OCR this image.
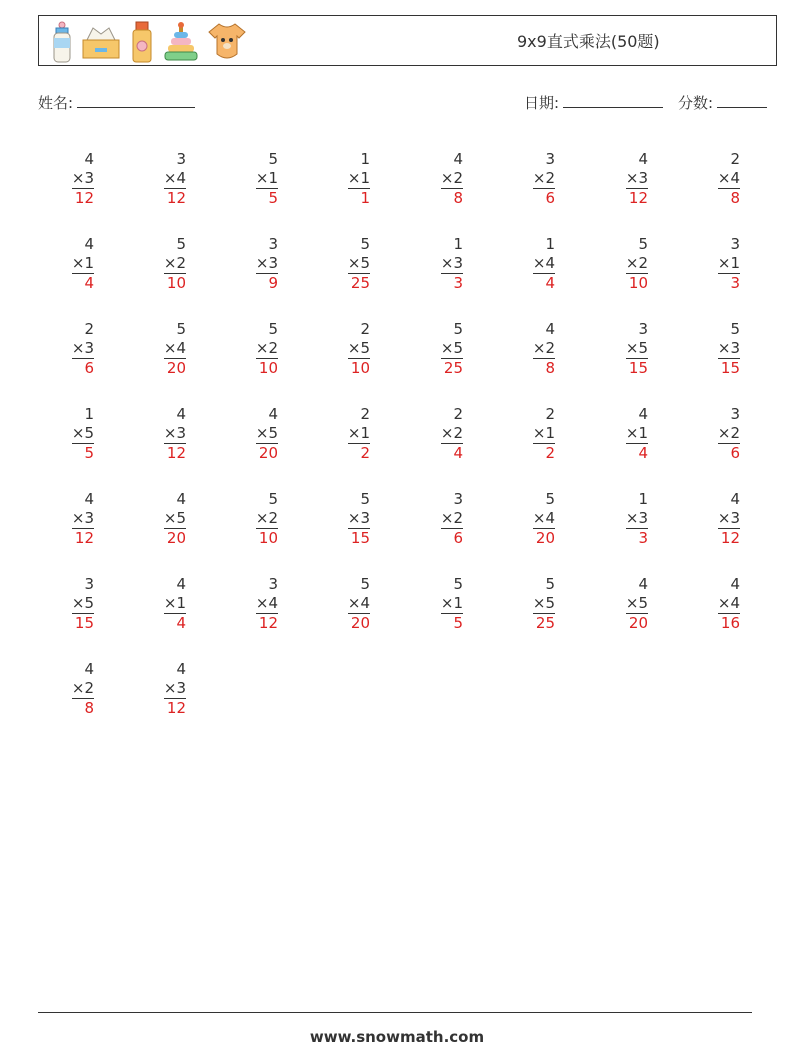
9x9直式乘法(50题)
姓名:	日期:	分数:
4
×3
12
3
×4
12
5
×1
5
1
×1
1
4
×2
8
3
×2
6
4
×3
12
2
×4
8
4
×1
4
5
×2
10
3
×3
9
5
×5
25
1
×3
3
1
×4
4
5
×2
10
3
×1
3
2
×3
6
5
×4
20
5
×2
10
2
×5
10
5
×5
25
4
×2
8
3
×5
15
5
×3
15
1
×5
5
4
×3
12
4
×5
20
2
×1
2
2
×2
4
2
×1
2
4
×1
4
3
×2
6
4
×3
12
4
×5
20
5
×2
10
5
×3
15
3
×2
6
5
×4
20
1
×3
3
4
×3
12
3
×5
15
4
×1
4
3
×4
12
5
×4
20
5
×1
5
5
×5
25
4
×5
20
4
×4
16
4
×2
8
4
×3
12
www.snowmath.com
